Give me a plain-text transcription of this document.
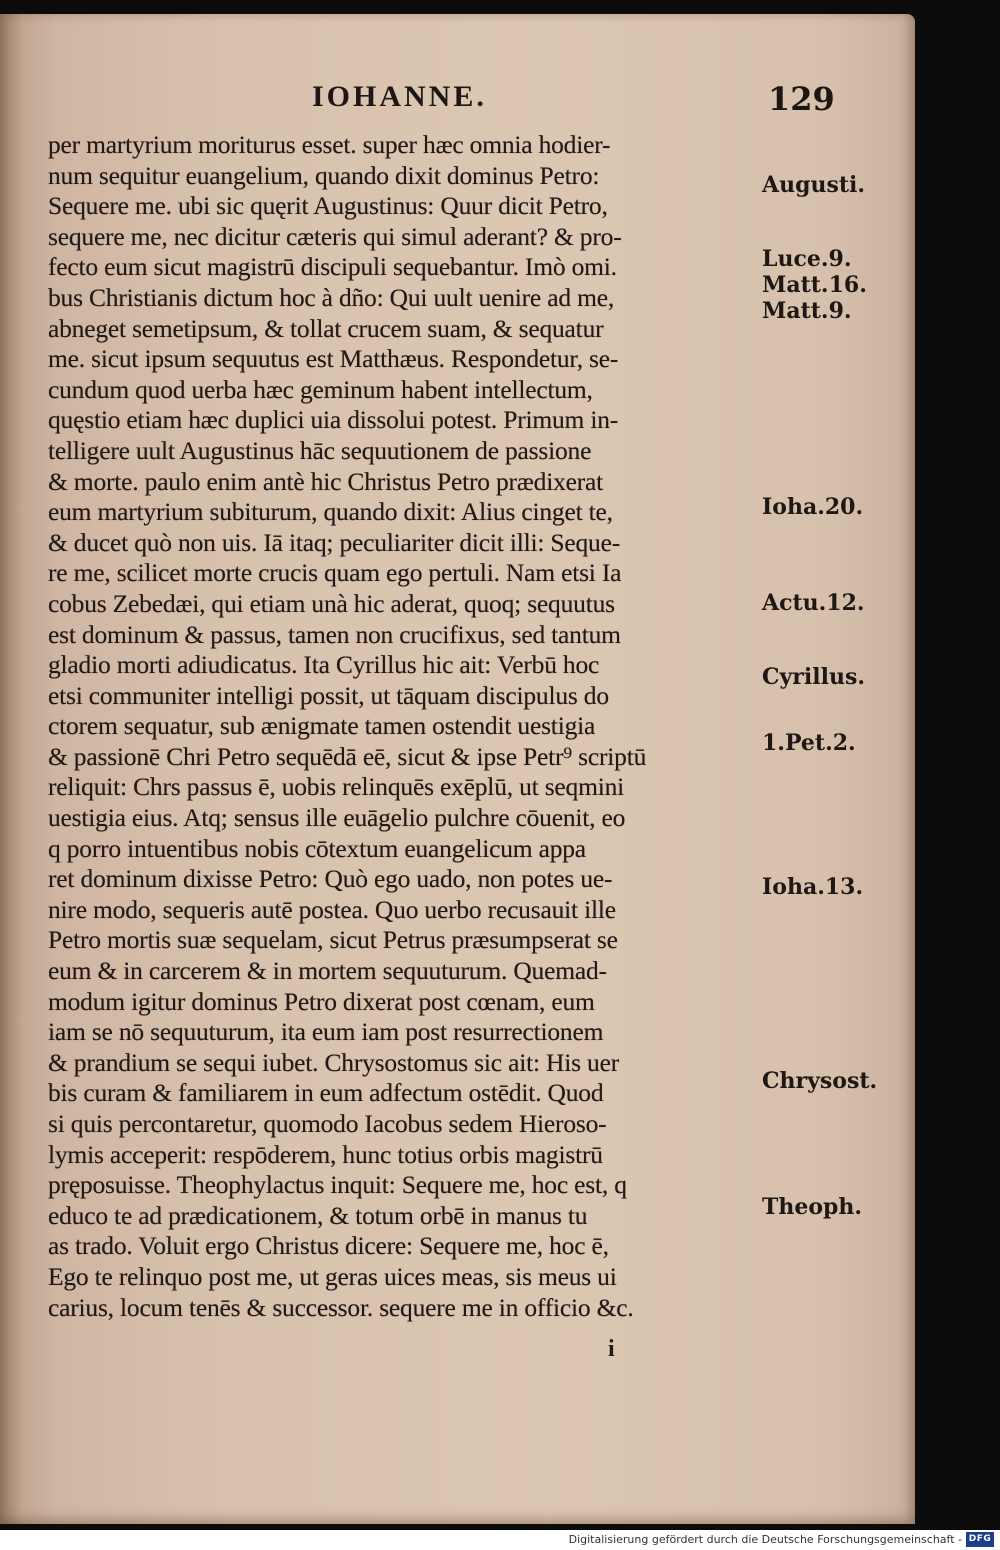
IOHANNE.	129
per martyrium moriturus esset. super hæc omnia hodier-
num sequitur euangelium, quando dixit dominus Petro:
Sequere me. ubi sic quęrit Augustinus: Quur dicit Petro,
sequere me, nec dicitur cæteris qui simul aderant? & pro-
fecto eum sicut magistrū discipuli sequebantur. Imò omi.
bus Christianis dictum hoc à dño: Qui uult uenire ad me,
abneget semetipsum, & tollat crucem suam, & sequatur
me. sicut ipsum sequutus est Matthæus. Respondetur, se-
cundum quod uerba hæc geminum habent intellectum,
quęstio etiam hæc duplici uia dissolui potest. Primum in-
telligere uult Augustinus hāc sequutionem de passione
& morte. paulo enim antè hic Christus Petro prædixerat
eum martyrium subiturum, quando dixit: Alius cinget te,
& ducet quò non uis. Iā itaq; peculiariter dicit illi: Seque-
re me, scilicet morte crucis quam ego pertuli. Nam etsi Ia
cobus Zebedæi, qui etiam unà hic aderat, quoq; sequutus
est dominum & passus, tamen non crucifixus, sed tantum
gladio morti adiudicatus. Ita Cyrillus hic ait: Verbū hoc
etsi communiter intelligi possit, ut tāquam discipulus do
ctorem sequatur, sub ænigmate tamen ostendit uestigia
& passionē Chri Petro sequēdā eē, sicut & ipse Petr⁹ scriptū
reliquit: Chrs passus ē, uobis relinquēs exēplū, ut seqmini
uestigia eius. Atq; sensus ille euāgelio pulchre cōuenit, eo
q porro intuentibus nobis cōtextum euangelicum appa
ret dominum dixisse Petro: Quò ego uado, non potes ue-
nire modo, sequeris autē postea. Quo uerbo recusauit ille
Petro mortis suæ sequelam, sicut Petrus præsumpserat se
eum & in carcerem & in mortem sequuturum. Quemad-
modum igitur dominus Petro dixerat post cœnam, eum
iam se nō sequuturum, ita eum iam post resurrectionem
& prandium se sequi iubet. Chrysostomus sic ait: His uer
bis curam & familiarem in eum adfectum ostēdit. Quod
si quis percontaretur, quomodo Iacobus sedem Hieroso-
lymis acceperit: respōderem, hunc totius orbis magistrū
pręposuisse. Theophylactus inquit: Sequere me, hoc est, q
educo te ad prædicationem, & totum orbē in manus tu
as trado. Voluit ergo Christus dicere: Sequere me, hoc ē,
Ego te relinquo post me, ut geras uices meas, sis meus ui
carius, locum tenēs & successor. sequere me in officio &c.
i
Augusti.
Luce.9.
Matt.16.
Matt.9.
Ioha.20.
Actu.12.
Cyrillus.
1.Pet.2.
Ioha.13.
Chrysost.
Theoph.
Digitalisierung gefördert durch die Deutsche Forschungsgemeinschaft - DFG
